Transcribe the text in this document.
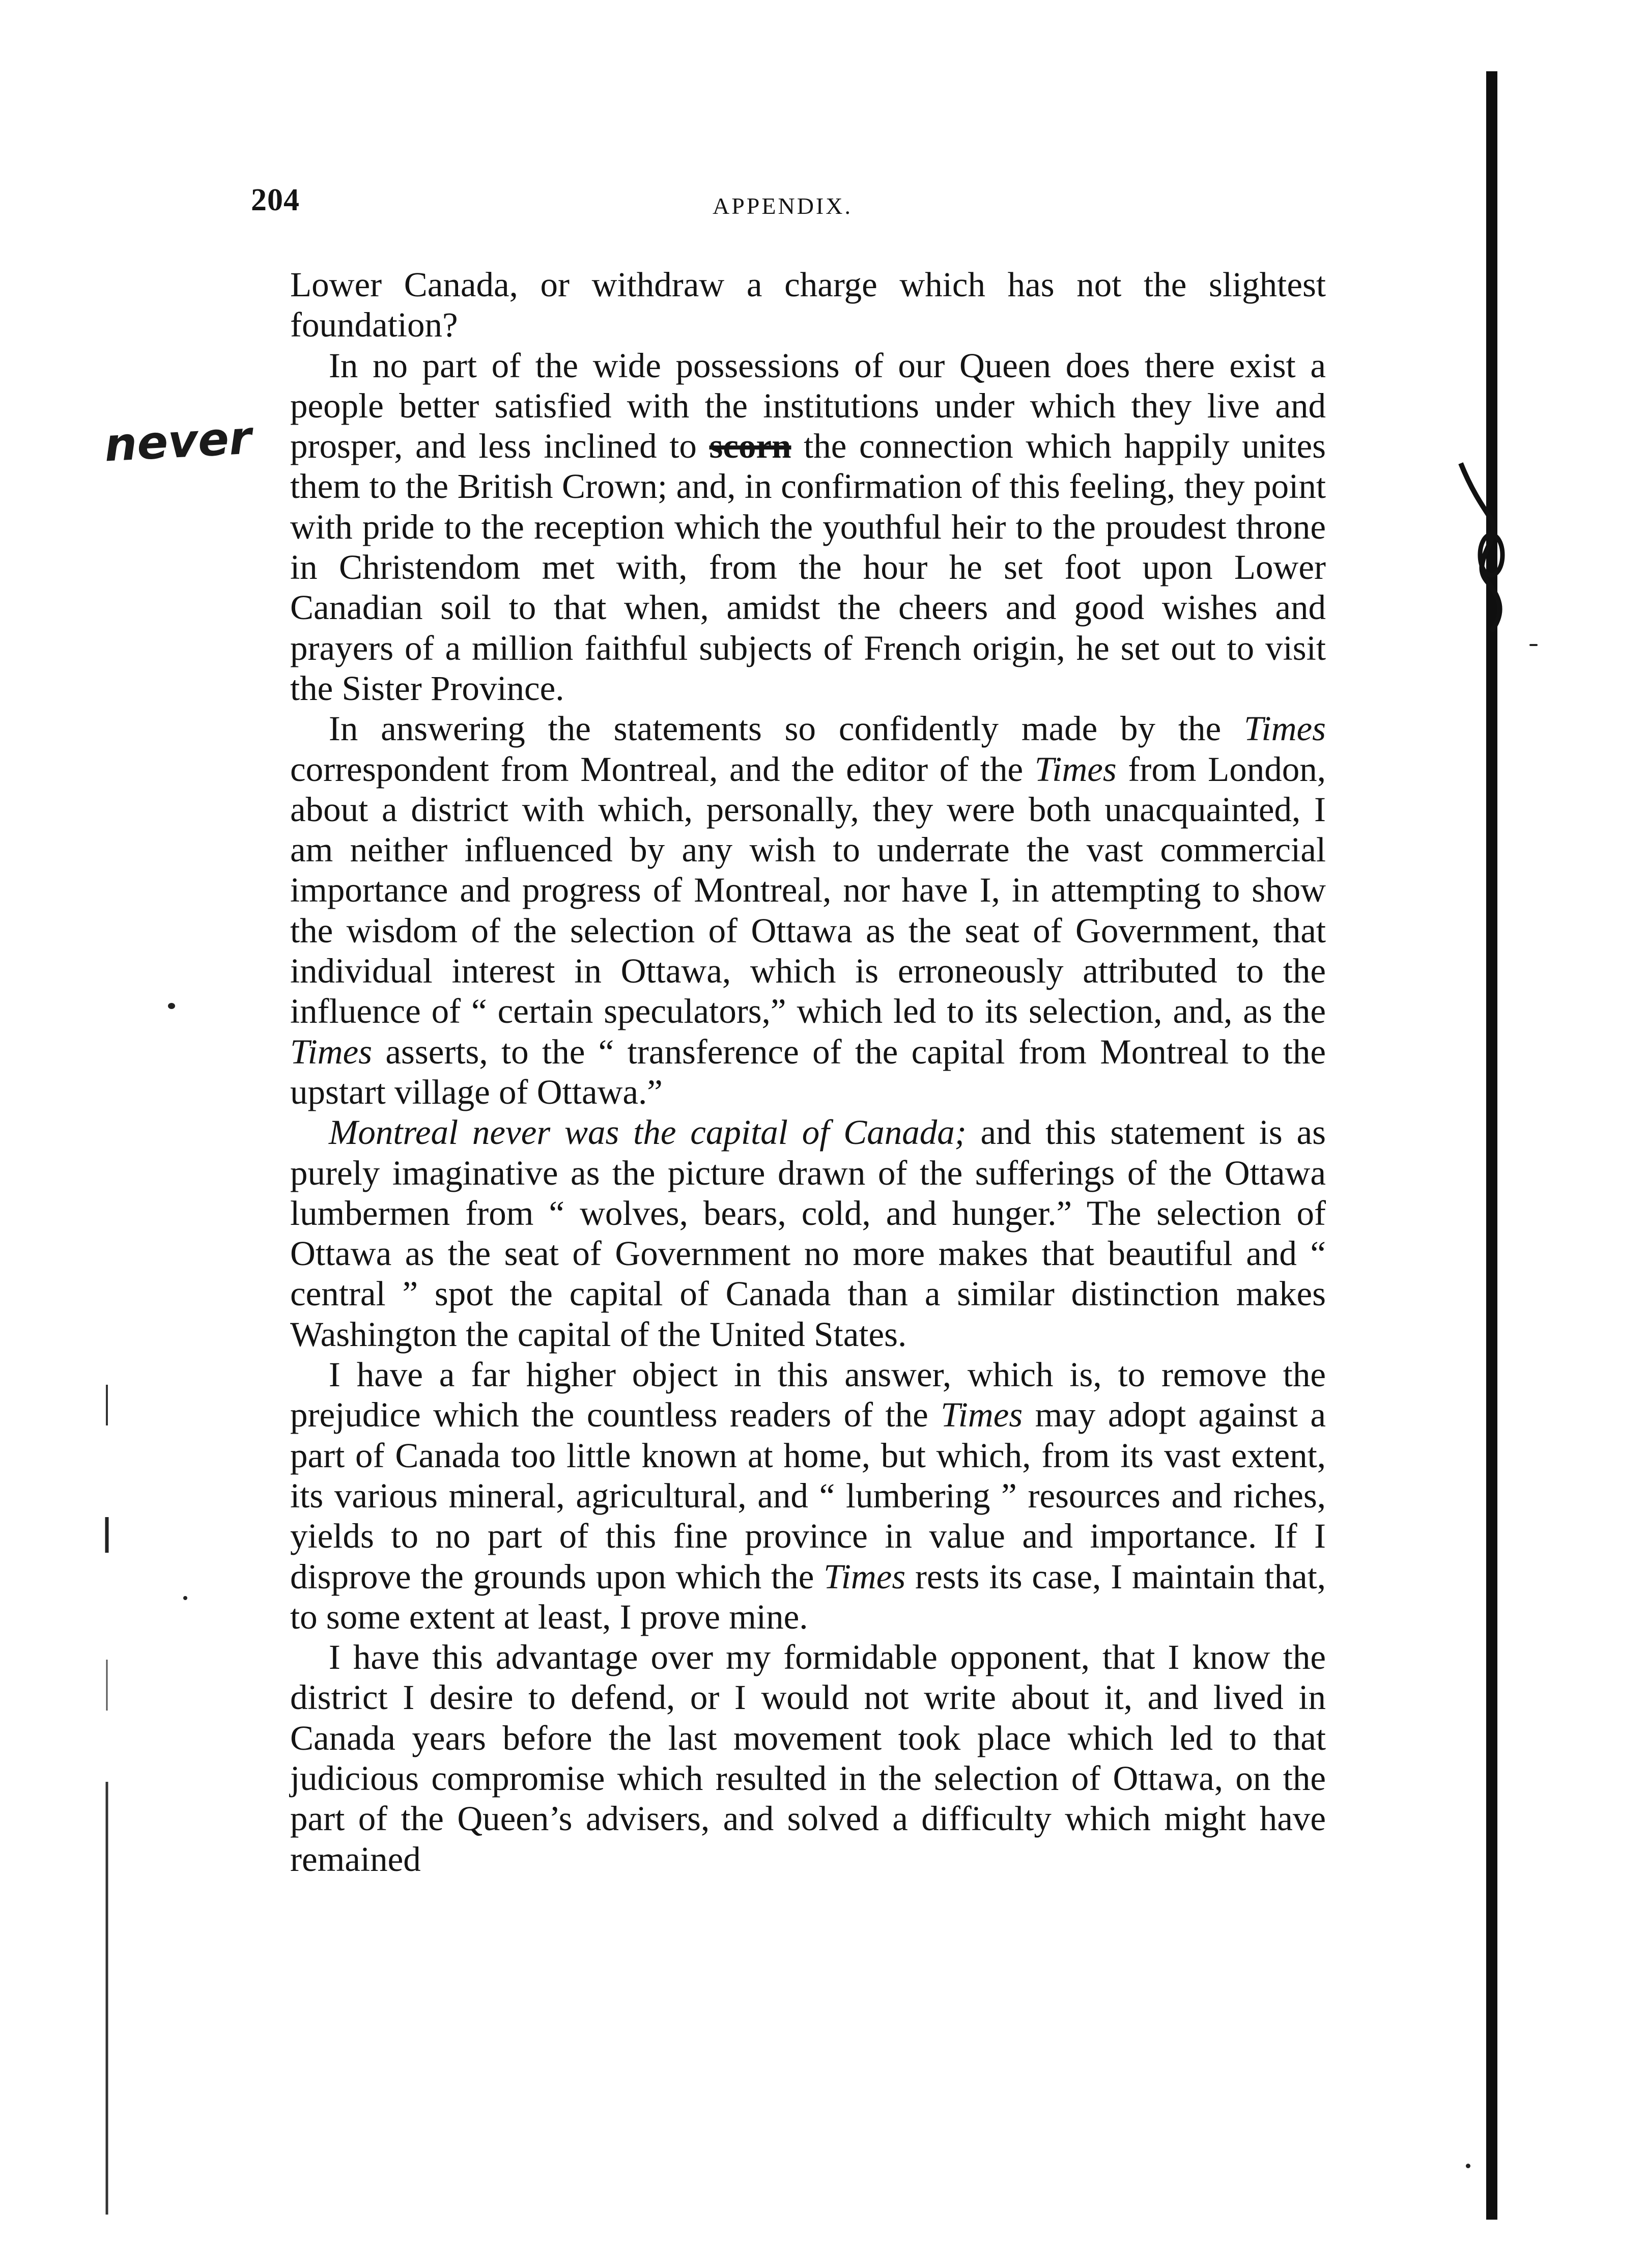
204	APPENDIX.
never

Lower Canada, or withdraw a charge which has not the slightest foundation?

In no part of the wide possessions of our Queen does there exist a people better satisfied with the institutions under which they live and prosper, and less inclined to scorn the connection which happily unites them to the British Crown; and, in confirmation of this feeling, they point with pride to the reception which the youthful heir to the proudest throne in Christendom met with, from the hour he set foot upon Lower Canadian soil to that when, amidst the cheers and good wishes and prayers of a million faithful subjects of French origin, he set out to visit the Sister Province.

In answering the statements so confidently made by the Times correspondent from Montreal, and the editor of the Times from London, about a district with which, personally, they were both unacquainted, I am neither influenced by any wish to underrate the vast commercial importance and progress of Montreal, nor have I, in attempting to show the wisdom of the selection of Ottawa as the seat of Government, that individual interest in Ottawa, which is erroneously attributed to the influence of “ certain speculators,” which led to its selection, and, as the Times asserts, to the “ transference of the capital from Montreal to the upstart village of Ottawa.”

Montreal never was the capital of Canada; and this statement is as purely imaginative as the picture drawn of the sufferings of the Ottawa lumbermen from “ wolves, bears, cold, and hunger.” The selection of Ottawa as the seat of Government no more makes that beautiful and “ central ” spot the capital of Canada than a similar distinction makes Washington the capital of the United States.

I have a far higher object in this answer, which is, to remove the prejudice which the countless readers of the Times may adopt against a part of Canada too little known at home, but which, from its vast extent, its various mineral, agricultural, and “ lumbering ” resources and riches, yields to no part of this fine province in value and importance. If I disprove the grounds upon which the Times rests its case, I maintain that, to some extent at least, I prove mine.

I have this advantage over my formidable opponent, that I know the district I desire to defend, or I would not write about it, and lived in Canada years before the last movement took place which led to that judicious compromise which resulted in the selection of Ottawa, on the part of the Queen’s advisers, and solved a difficulty which might have remained
